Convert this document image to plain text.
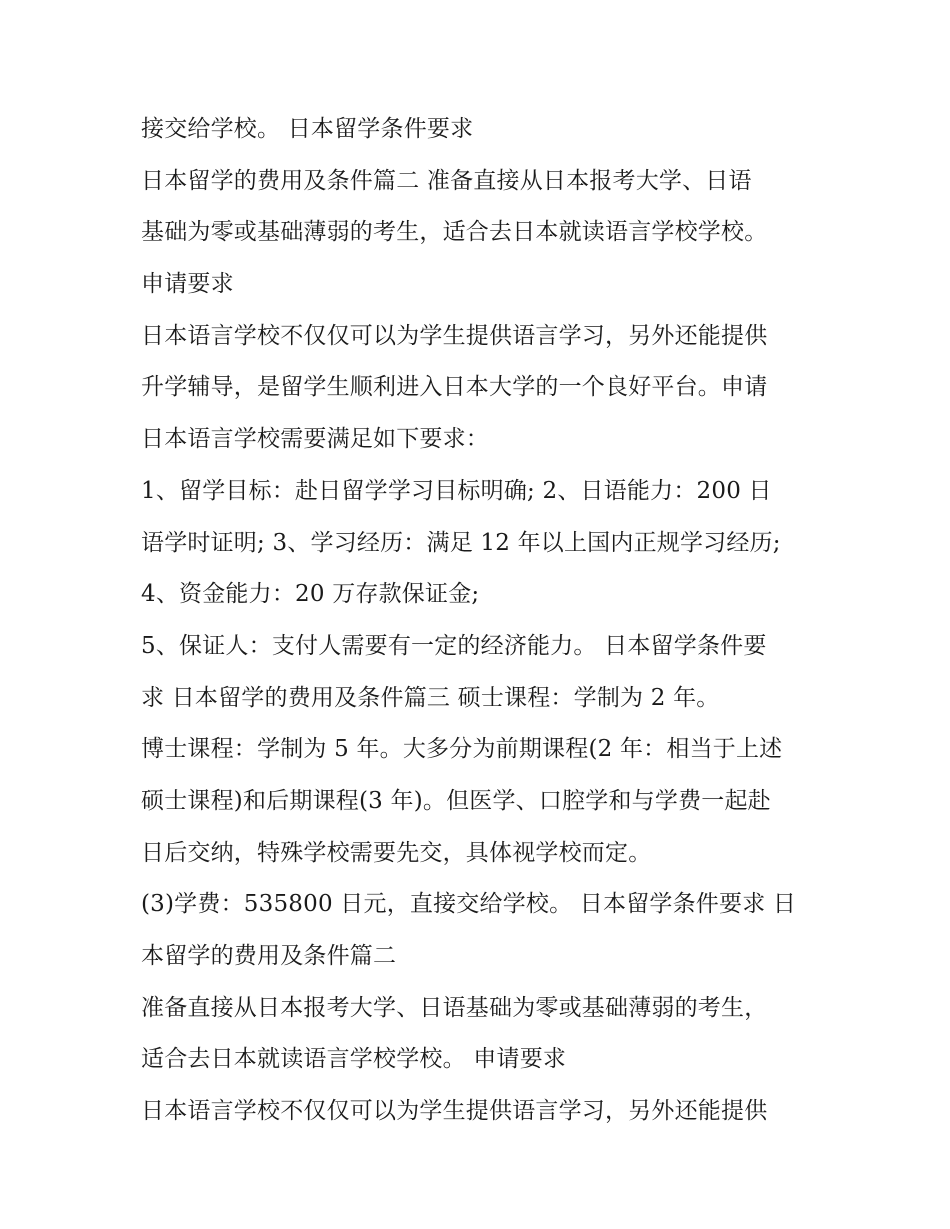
接交给学校。 日本留学条件要求
日本留学的费用及条件篇二 准备直接从日本报考大学、日语
基础为零或基础薄弱的考生，适合去日本就读语言学校学校。
申请要求
日本语言学校不仅仅可以为学生提供语言学习，另外还能提供
升学辅导，是留学生顺利进入日本大学的一个良好平台。申请
日本语言学校需要满足如下要求：
1、留学目标：赴日留学学习目标明确; 2、日语能力：200 日
语学时证明; 3、学习经历：满足 12 年以上国内正规学习经历;
4、资金能力：20 万存款保证金;
5、保证人：支付人需要有一定的经济能力。 日本留学条件要
求 日本留学的费用及条件篇三 硕士课程：学制为 2 年。
博士课程：学制为 5 年。大多分为前期课程(2 年：相当于上述
硕士课程)和后期课程(3 年)。但医学、口腔学和与学费一起赴
日后交纳，特殊学校需要先交，具体视学校而定。
(3)学费：535800 日元，直接交给学校。 日本留学条件要求 日
本留学的费用及条件篇二
准备直接从日本报考大学、日语基础为零或基础薄弱的考生，
适合去日本就读语言学校学校。 申请要求
日本语言学校不仅仅可以为学生提供语言学习，另外还能提供
